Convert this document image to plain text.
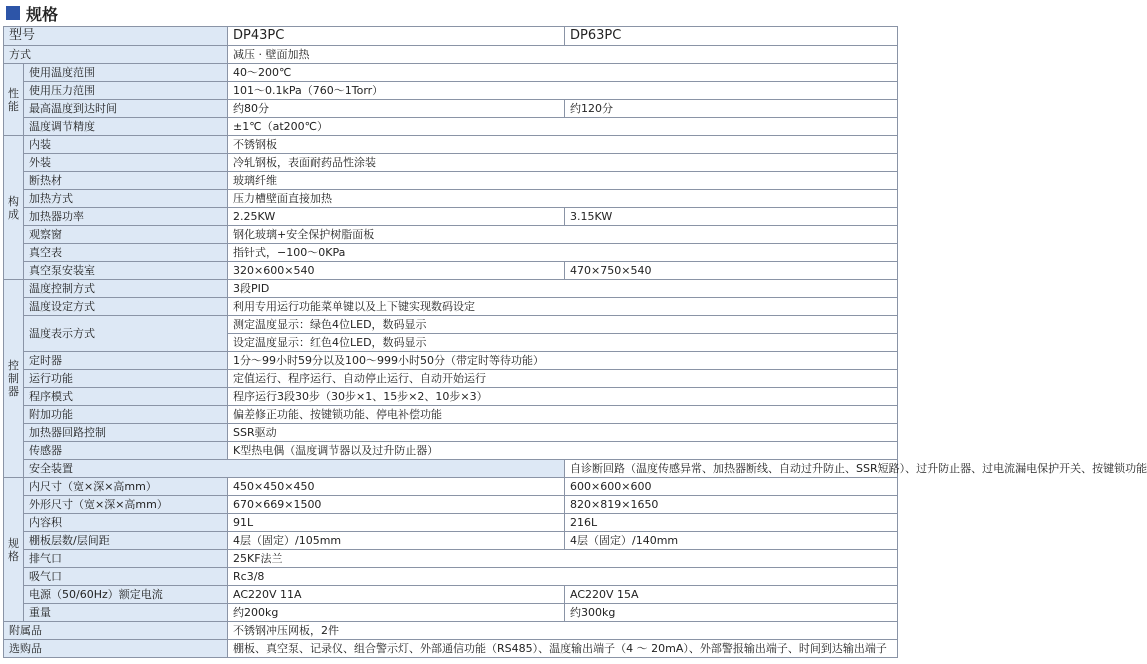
规格
型号		DP43PC	DP63PC
方式		减压 · 壁面加热	
性能	使用温度范围	40～200℃	
	使用压力范围	101～0.1kPa（760～1Torr）	
	最高温度到达时间	约80分	约120分
	温度调节精度	±1℃（at200℃）	
构成	内装	不锈钢板	
	外装	冷轧钢板，表面耐药品性涂装	
	断热材	玻璃纤维	
	加热方式	压力槽壁面直接加热	
	加热器功率	2.25KW	3.15KW
	观察窗	钢化玻璃+安全保护树脂面板	
	真空表	指针式，−100～0KPa	
	真空泵安装室	320×600×540	470×750×540
控制器	温度控制方式	3段PID	
	温度设定方式	利用专用运行功能菜单键以及上下键实现数码设定	
	温度表示方式	测定温度显示：绿色4位LED，数码显示
设定温度显示：红色4位LED，数码显示	

	定时器	1分～99小时59分以及100～999小时50分（带定时等待功能）	
	运行功能	定值运行、程序运行、自动停止运行、自动开始运行	
	程序模式	程序运行3段30步（30步×1、15步×2、10步×3）	
	附加功能	偏差修正功能、按键锁功能、停电补偿功能	
	加热器回路控制	SSR驱动	
	传感器	K型热电偶（温度调节器以及过升防止器）	
	安全装置		自诊断回路（温度传感异常、加热器断线、自动过升防止、SSR短路）、过升防止器、过电流漏电保护开关、按键锁功能
规格	内尺寸（宽×深×高mm）	450×450×450	600×600×600
	外形尺寸（宽×深×高mm）	670×669×1500	820×819×1650
	内容积	91L	216L
	棚板层数/层间距	4层（固定）/105mm	4层（固定）/140mm
	排气口	25KF法兰	
	吸气口	Rc3/8	
	电源（50/60Hz）额定电流	AC220V 11A	AC220V 15A
	重量	约200kg	约300kg
附属品		不锈钢冲压网板，2件	
选购品		棚板、真空泵、记录仪、组合警示灯、外部通信功能（RS485）、温度输出端子（4 ～ 20mA）、外部警报输出端子、时间到达输出端子	
